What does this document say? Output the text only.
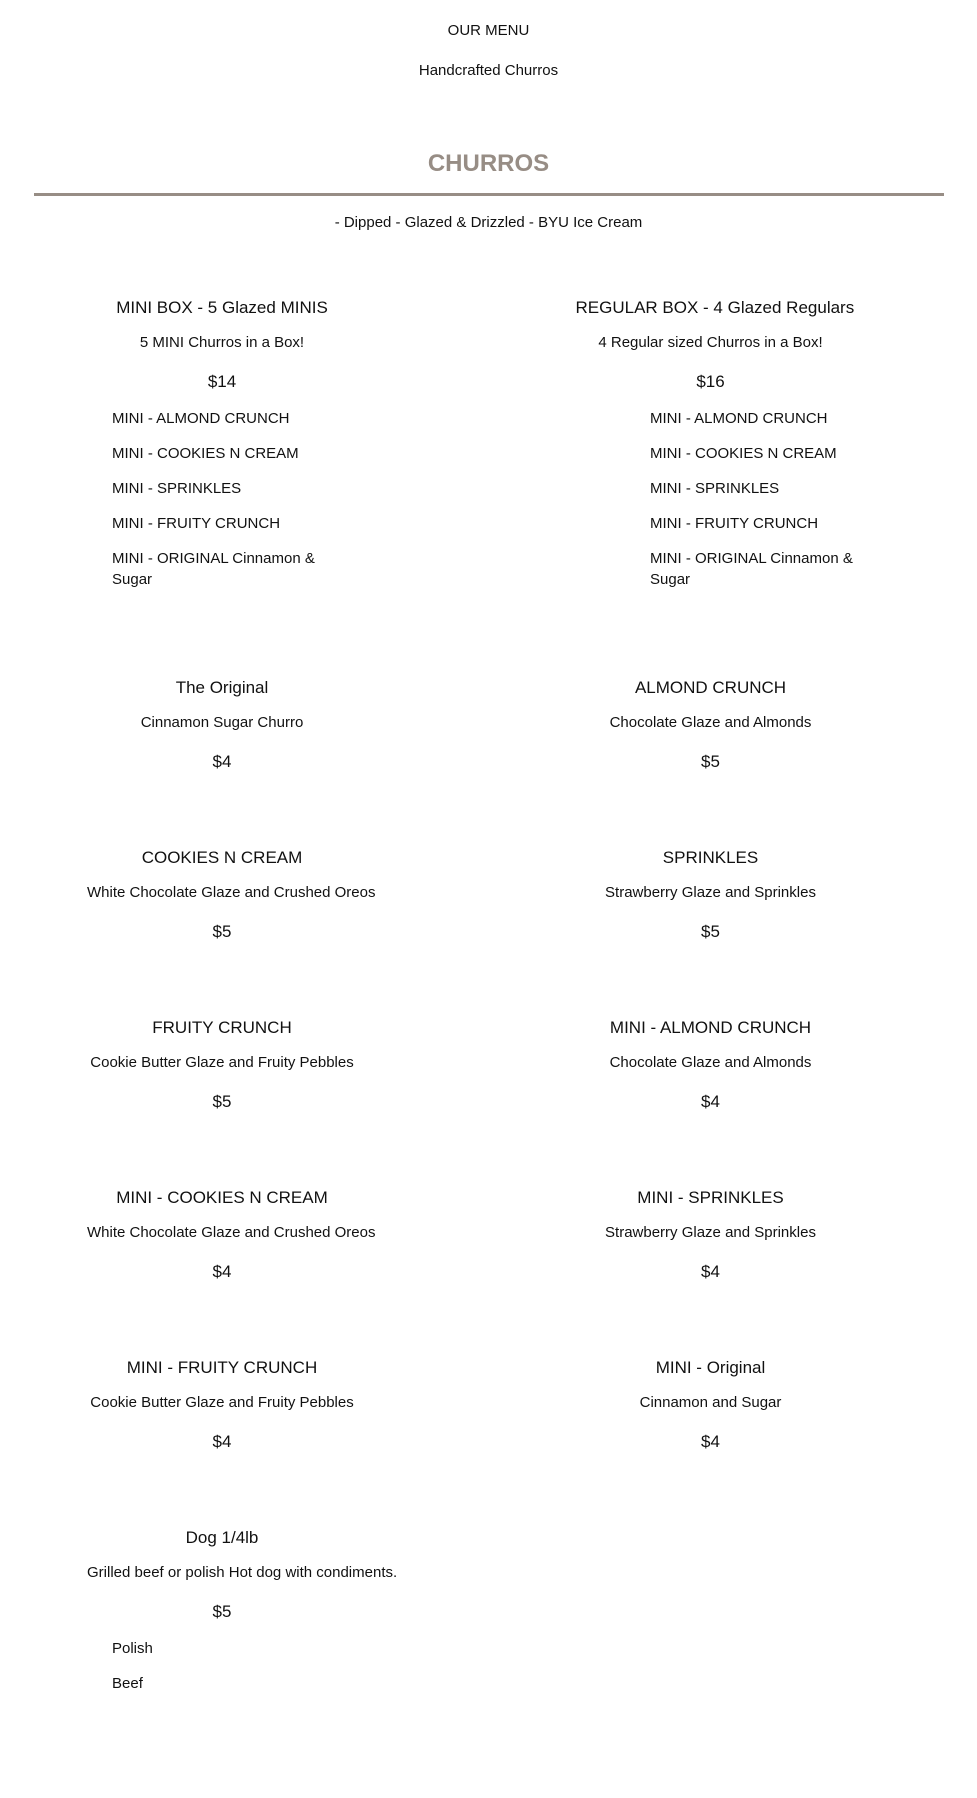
OUR MENU

Handcrafted Churros

CHURROS

- Dipped - Glazed & Drizzled - BYU Ice Cream

MINI BOX - 5 Glazed MINIS

5 MINI Churros in a Box!

$14

MINI - ALMOND CRUNCH
MINI - COOKIES N CREAM
MINI - SPRINKLES
MINI - FRUITY CRUNCH
MINI - ORIGINAL Cinnamon & Sugar

REGULAR BOX - 4 Glazed Regulars

4 Regular sized Churros in a Box!

$16

MINI - ALMOND CRUNCH
MINI - COOKIES N CREAM
MINI - SPRINKLES
MINI - FRUITY CRUNCH
MINI - ORIGINAL Cinnamon & Sugar

The Original

Cinnamon Sugar Churro

$4

ALMOND CRUNCH

Chocolate Glaze and Almonds

$5

COOKIES N CREAM

White Chocolate Glaze and Crushed Oreos

$5

SPRINKLES

Strawberry Glaze and Sprinkles

$5

FRUITY CRUNCH

Cookie Butter Glaze and Fruity Pebbles

$5

MINI - ALMOND CRUNCH

Chocolate Glaze and Almonds

$4

MINI - COOKIES N CREAM

White Chocolate Glaze and Crushed Oreos

$4

MINI - SPRINKLES

Strawberry Glaze and Sprinkles

$4

MINI - FRUITY CRUNCH

Cookie Butter Glaze and Fruity Pebbles

$4

MINI - Original

Cinnamon and Sugar

$4

Dog 1/4lb

Grilled beef or polish Hot dog with condiments.

$5

Polish
Beef
